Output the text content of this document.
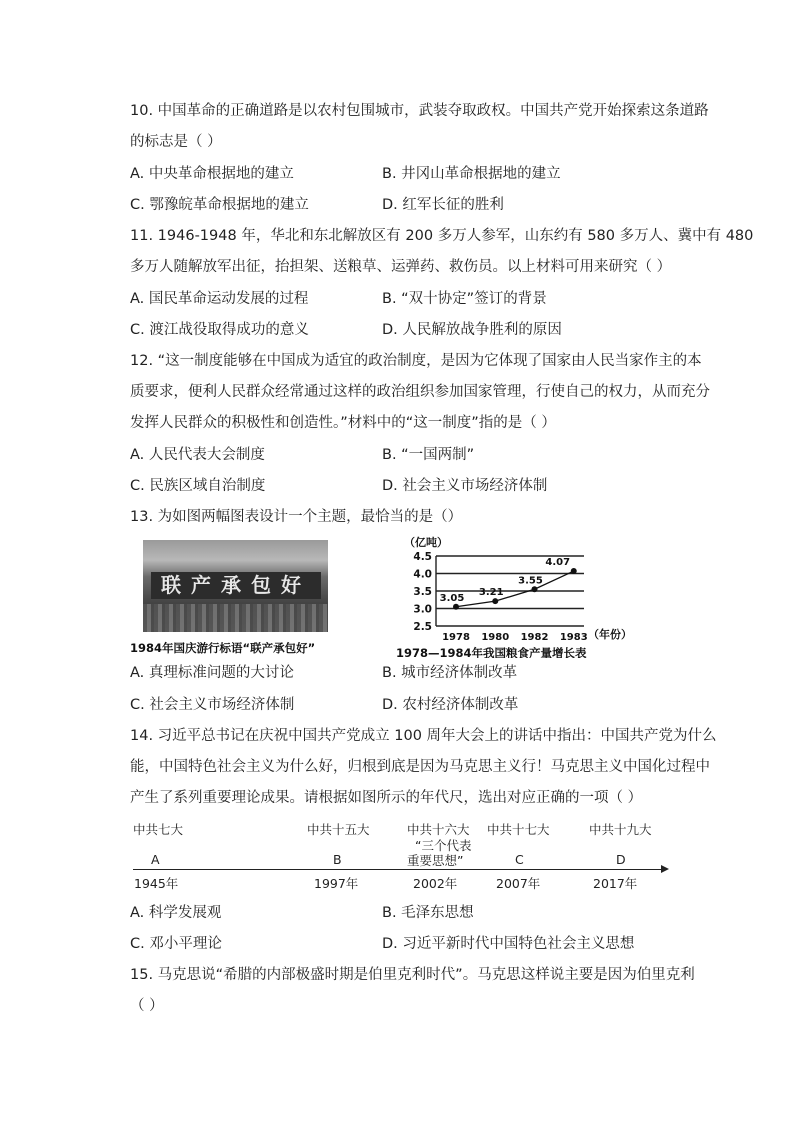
10. 中国革命的正确道路是以农村包围城市，武装夺取政权。中国共产党开始探索这条道路
的标志是（ ）
A. 中央革命根据地的建立	B. 井冈山革命根据地的建立
C. 鄂豫皖革命根据地的建立	D. 红军长征的胜利
11. 1946-1948 年，华北和东北解放区有 200 多万人参军，山东约有 580 多万人、冀中有 480
多万人随解放军出征，抬担架、送粮草、运弹药、救伤员。以上材料可用来研究（ ）
A. 国民革命运动发展的过程	B. “双十协定”签订的背景
C. 渡江战役取得成功的意义	D. 人民解放战争胜利的原因
12. “这一制度能够在中国成为适宜的政治制度，是因为它体现了国家由人民当家作主的本
质要求，便利人民群众经常通过这样的政治组织参加国家管理，行使自己的权力，从而充分
发挥人民群众的积极性和创造性。”材料中的“这一制度”指的是（ ）
A. 人民代表大会制度	B. “一国两制”
C. 民族区域自治制度	D. 社会主义市场经济体制
13. 为如图两幅图表设计一个主题，最恰当的是（）
联产承包好
1984年国庆游行标语“联产承包好”
（亿吨）
4.5
4.0
3.5
3.0
2.5
3.05
1978
3.21
1980
3.55
1982
4.07
1983 （年份）
1978—1984年我国粮食产量增长表
A. 真理标准问题的大讨论	B. 城市经济体制改革
C. 社会主义市场经济体制	D. 农村经济体制改革
14. 习近平总书记在庆祝中国共产党成立 100 周年大会上的讲话中指出：中国共产党为什么
能，中国特色社会主义为什么好，归根到底是因为马克思主义行！马克思主义中国化过程中
产生了系列重要理论成果。请根据如图所示的年代尺，选出对应正确的一项（ ）
中共七大	中共十五大	中共十六大 中共十七大	中共十九大
“三个代表
重要思想”
A	B	C	D
1945年	1997年	2002年	2007年	2017年
A. 科学发展观	B. 毛泽东思想
C. 邓小平理论	D. 习近平新时代中国特色社会主义思想
15. 马克思说“希腊的内部极盛时期是伯里克利时代”。马克思这样说主要是因为伯里克利
（ ）
